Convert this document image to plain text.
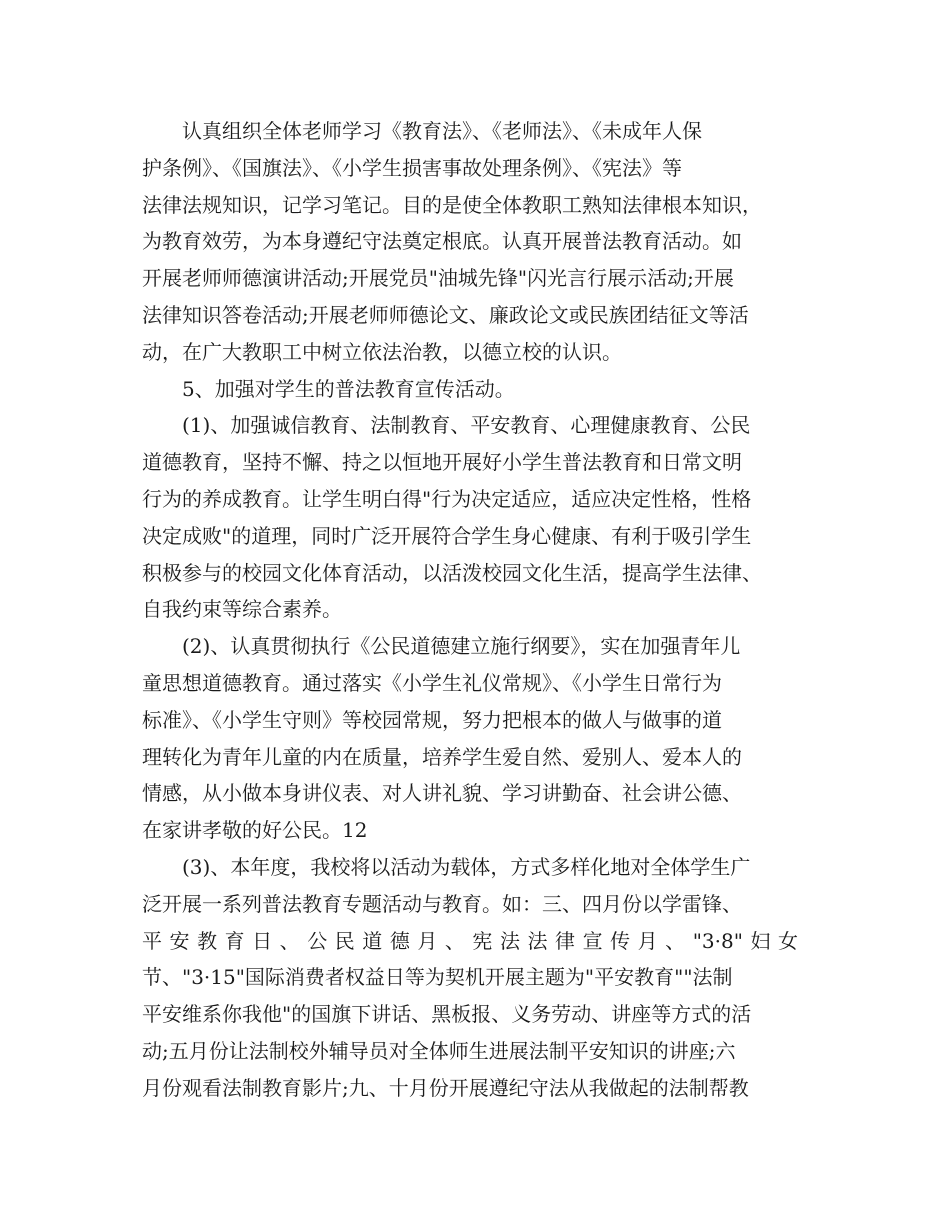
认真组织全体老师学习《教育法》、《老师法》、《未成年人保
护条例》、《国旗法》、《小学生损害事故处理条例》、《宪法》等
法律法规知识，记学习笔记。目的是使全体教职工熟知法律根本知识，
为教育效劳，为本身遵纪守法奠定根底。认真开展普法教育活动。如
开展老师师德演讲活动;开展党员"油城先锋"闪光言行展示活动;开展
法律知识答卷活动;开展老师师德论文、廉政论文或民族团结征文等活
动，在广大教职工中树立依法治教，以德立校的认识。
5、加强对学生的普法教育宣传活动。
(1)、加强诚信教育、法制教育、平安教育、心理健康教育、公民
道德教育，坚持不懈、持之以恒地开展好小学生普法教育和日常文明
行为的养成教育。让学生明白得"行为决定适应，适应决定性格，性格
决定成败"的道理，同时广泛开展符合学生身心健康、有利于吸引学生
积极参与的校园文化体育活动，以活泼校园文化生活，提高学生法律、
自我约束等综合素养。
(2)、认真贯彻执行《公民道德建立施行纲要》，实在加强青年儿
童思想道德教育。通过落实《小学生礼仪常规》、《小学生日常行为
标准》、《小学生守则》等校园常规，努力把根本的做人与做事的道
理转化为青年儿童的内在质量，培养学生爱自然、爱别人、爱本人的
情感，从小做本身讲仪表、对人讲礼貌、学习讲勤奋、社会讲公德、
在家讲孝敬的好公民。12
(3)、本年度，我校将以活动为载体，方式多样化地对全体学生广
泛开展一系列普法教育专题活动与教育。如：三、四月份以学雷锋、
平安教育日、公民道德月、宪法法律宣传月、"3·8"妇女
节、"3·15"国际消费者权益日等为契机开展主题为"平安教育""法制
平安维系你我他"的国旗下讲话、黑板报、义务劳动、讲座等方式的活
动;五月份让法制校外辅导员对全体师生进展法制平安知识的讲座;六
月份观看法制教育影片;九、十月份开展遵纪守法从我做起的法制帮教
